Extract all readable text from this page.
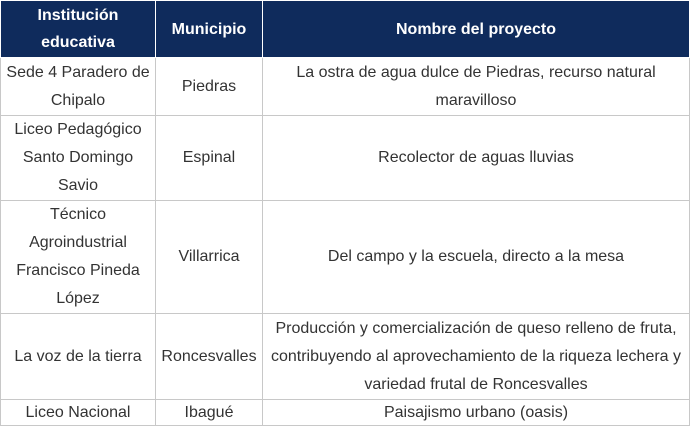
Institución educativa	Municipio	Nombre del proyecto
Sede 4 Paradero de Chipalo	Piedras	La ostra de agua dulce de Piedras, recurso natural maravilloso
Liceo Pedagógico Santo Domingo Savio	Espinal	Recolector de aguas lluvias
Técnico Agroindustrial Francisco Pineda López	Villarrica	Del campo y la escuela, directo a la mesa
La voz de la tierra	Roncesvalles	Producción y comercialización de queso relleno de fruta, contribuyendo al aprovechamiento de la riqueza lechera y variedad frutal de Roncesvalles
Liceo Nacional	Ibagué	Paisajismo urbano (oasis)
